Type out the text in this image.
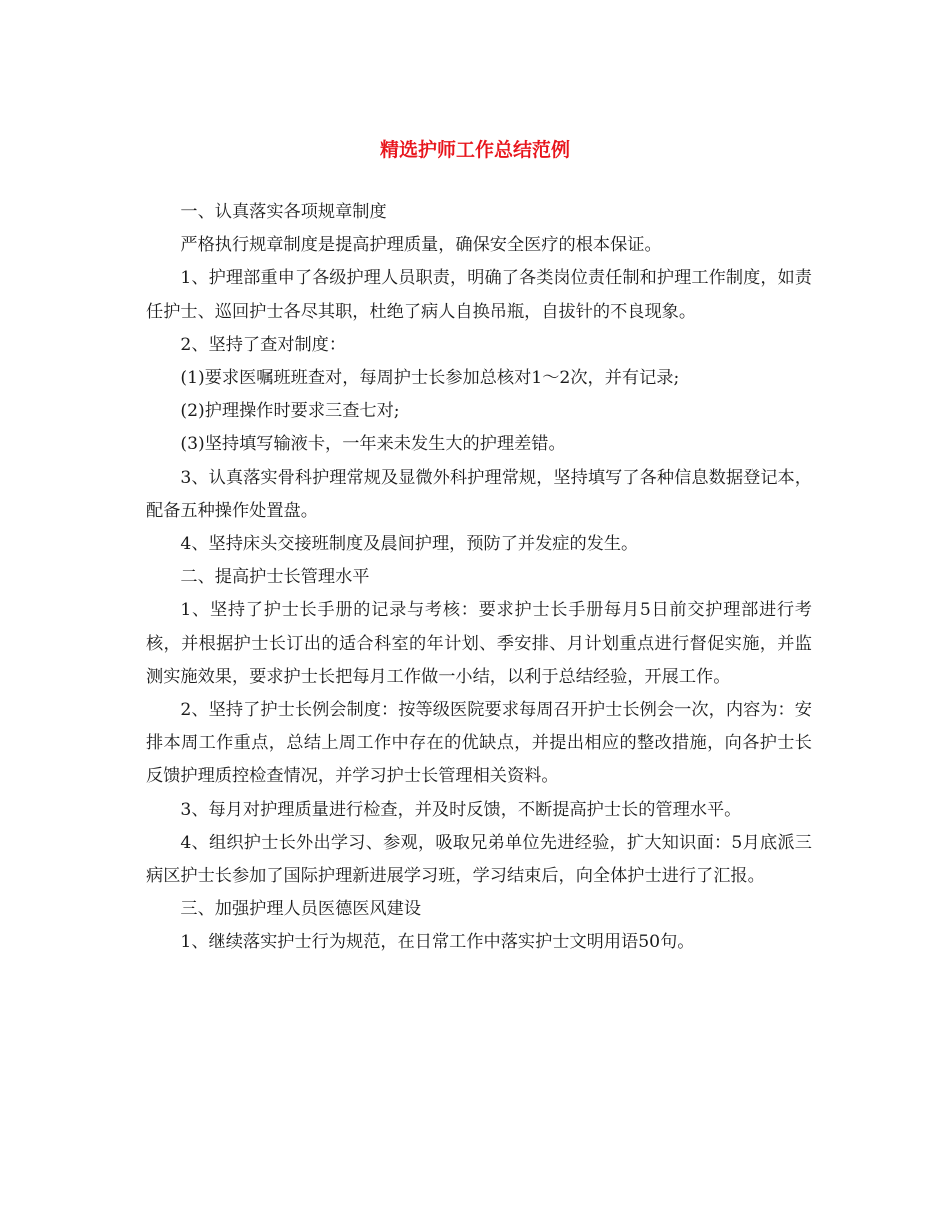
精选护师工作总结范例

一、认真落实各项规章制度

严格执行规章制度是提高护理质量，确保安全医疗的根本保证。

1、护理部重申了各级护理人员职责，明确了各类岗位责任制和护理工作制度，如责任护士、巡回护士各尽其职，杜绝了病人自换吊瓶，自拔针的不良现象。

2、坚持了查对制度：

(1)要求医嘱班班查对，每周护士长参加总核对1～2次，并有记录;

(2)护理操作时要求三查七对;

(3)坚持填写输液卡，一年来未发生大的护理差错。

3、认真落实骨科护理常规及显微外科护理常规，坚持填写了各种信息数据登记本，配备五种操作处置盘。

4、坚持床头交接班制度及晨间护理，预防了并发症的发生。

二、提高护士长管理水平

1、坚持了护士长手册的记录与考核：要求护士长手册每月5日前交护理部进行考核，并根据护士长订出的适合科室的年计划、季安排、月计划重点进行督促实施，并监测实施效果，要求护士长把每月工作做一小结，以利于总结经验，开展工作。

2、坚持了护士长例会制度：按等级医院要求每周召开护士长例会一次，内容为：安排本周工作重点，总结上周工作中存在的优缺点，并提出相应的整改措施，向各护士长反馈护理质控检查情况，并学习护士长管理相关资料。

3、每月对护理质量进行检查，并及时反馈，不断提高护士长的管理水平。

4、组织护士长外出学习、参观，吸取兄弟单位先进经验，扩大知识面：5月底派三病区护士长参加了国际护理新进展学习班，学习结束后，向全体护士进行了汇报。

三、加强护理人员医德医风建设

1、继续落实护士行为规范，在日常工作中落实护士文明用语50句。
